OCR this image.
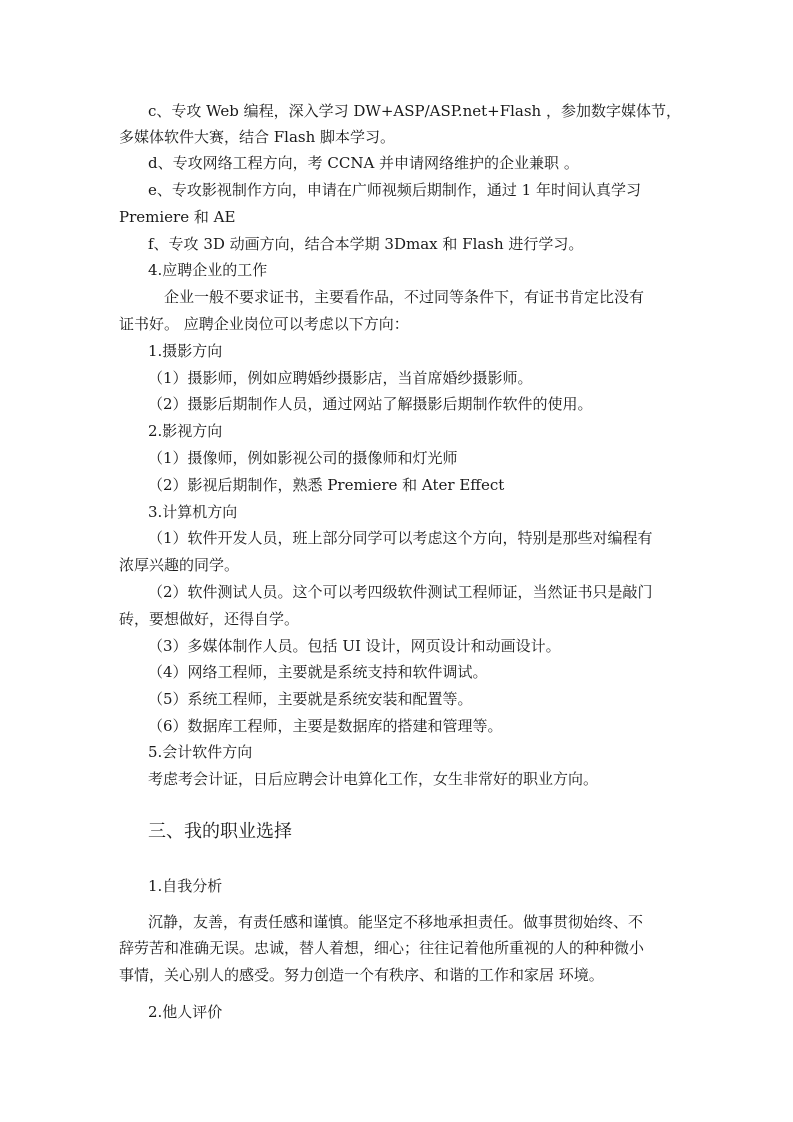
c、专攻 Web 编程，深入学习 DW+ASP/ASP.net+Flash ，参加数字媒体节，
多媒体软件大赛，结合 Flash 脚本学习。
d、专攻网络工程方向，考 CCNA 并申请网络维护的企业兼职 。
e、专攻影视制作方向，申请在广师视频后期制作，通过 1 年时间认真学习
Premiere 和 AE
f、专攻 3D 动画方向，结合本学期 3Dmax 和 Flash 进行学习。
4.应聘企业的工作
企业一般不要求证书，主要看作品，不过同等条件下，有证书肯定比没有
证书好。 应聘企业岗位可以考虑以下方向：
1.摄影方向
（1）摄影师，例如应聘婚纱摄影店，当首席婚纱摄影师。
（2）摄影后期制作人员，通过网站了解摄影后期制作软件的使用。
2.影视方向
（1）摄像师，例如影视公司的摄像师和灯光师
（2）影视后期制作，熟悉 Premiere 和 Ater Effect
3.计算机方向
（1）软件开发人员，班上部分同学可以考虑这个方向，特别是那些对编程有
浓厚兴趣的同学。
（2）软件测试人员。这个可以考四级软件测试工程师证，当然证书只是敲门
砖，要想做好，还得自学。
（3）多媒体制作人员。包括 UI 设计，网页设计和动画设计。
（4）网络工程师，主要就是系统支持和软件调试。
（5）系统工程师，主要就是系统安装和配置等。
（6）数据库工程师，主要是数据库的搭建和管理等。
5.会计软件方向
考虑考会计证，日后应聘会计电算化工作，女生非常好的职业方向。
三、我的职业选择
1.自我分析
沉静，友善，有责任感和谨慎。能坚定不移地承担责任。做事贯彻始终、不
辞劳苦和准确无误。忠诚，替人着想，细心；往往记着他所重视的人的种种微小
事情，关心别人的感受。努力创造一个有秩序、和谐的工作和家居 环境。
2.他人评价
